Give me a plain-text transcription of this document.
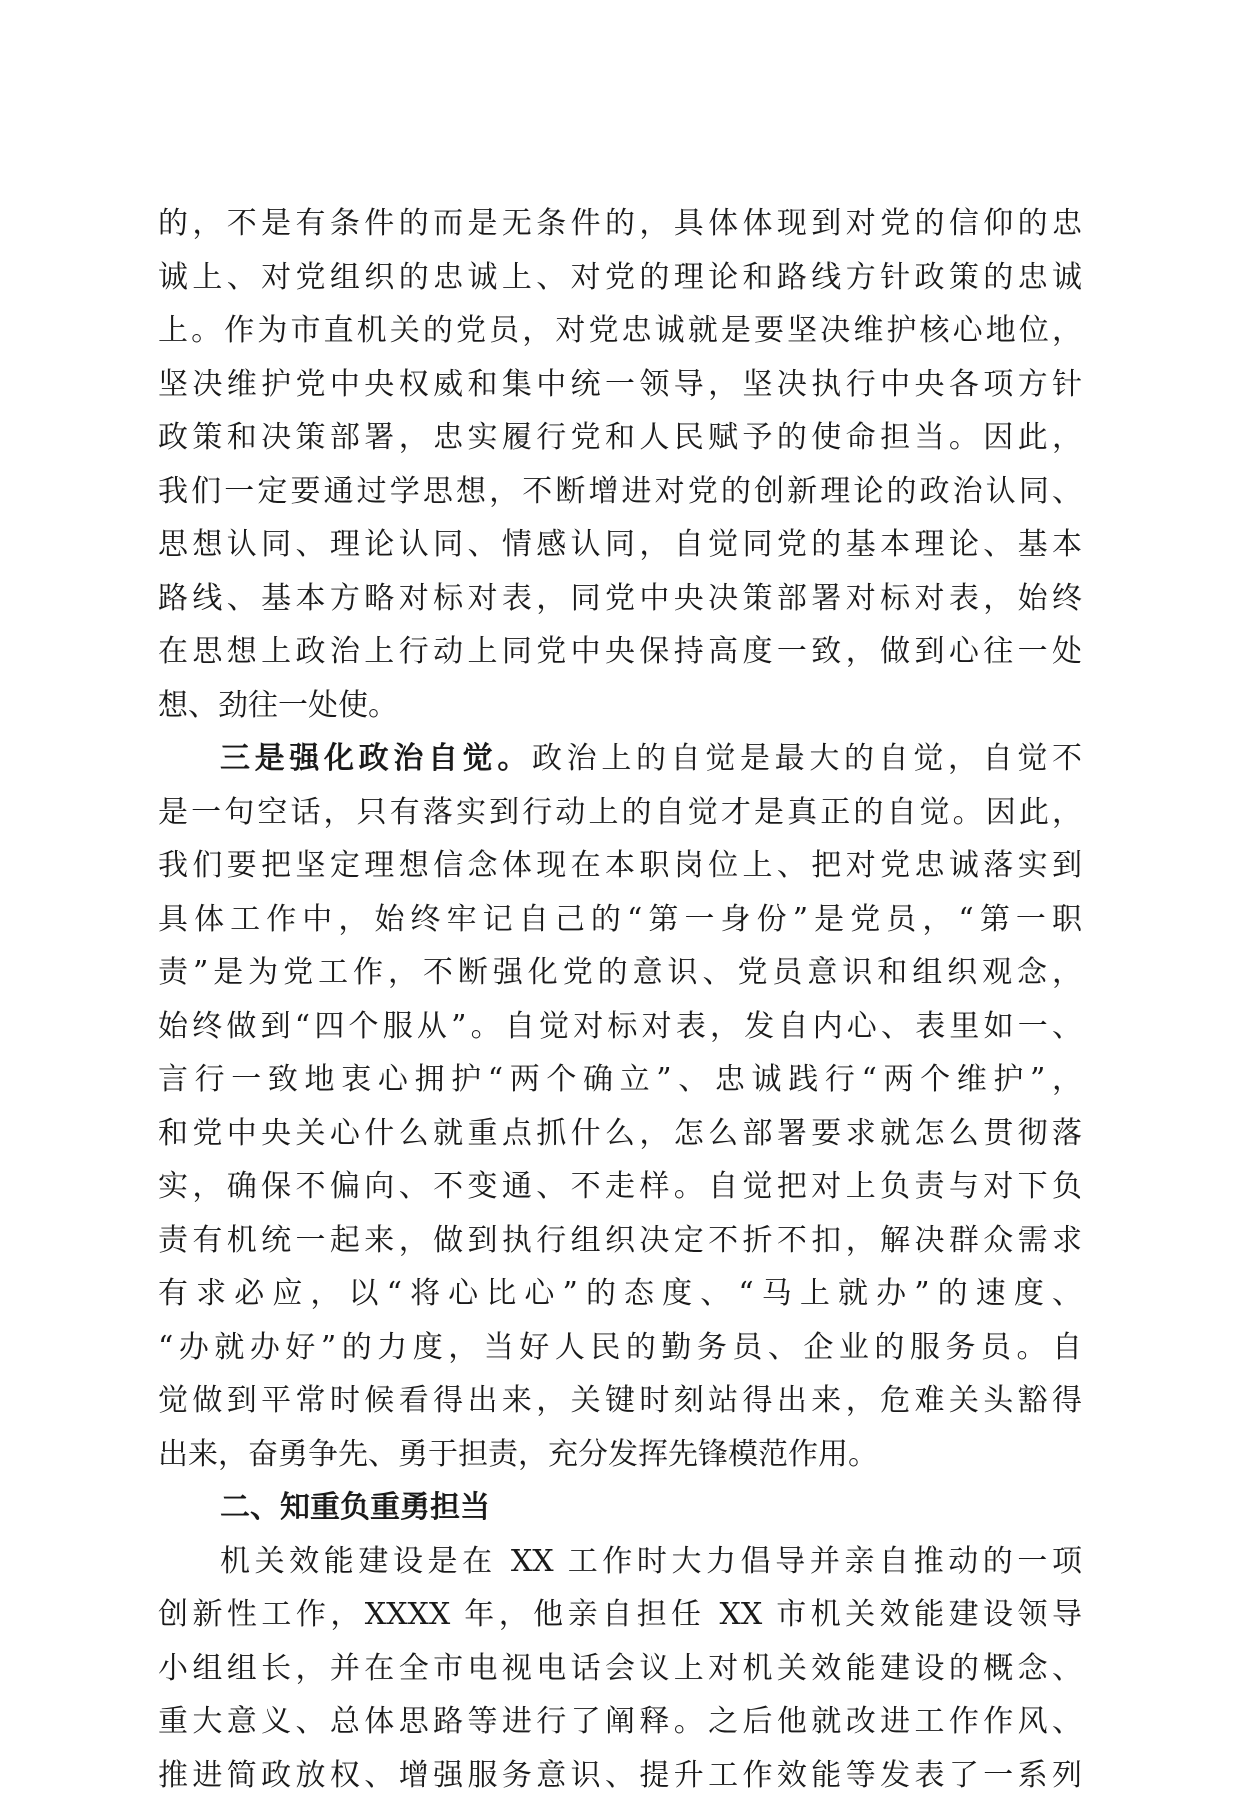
的，不是有条件的而是无条件的，具体体现到对党的信仰的忠
诚上、对党组织的忠诚上、对党的理论和路线方针政策的忠诚
上。作为市直机关的党员，对党忠诚就是要坚决维护核心地位，
坚决维护党中央权威和集中统一领导，坚决执行中央各项方针
政策和决策部署，忠实履行党和人民赋予的使命担当。因此，
我们一定要通过学思想，不断增进对党的创新理论的政治认同、
思想认同、理论认同、情感认同，自觉同党的基本理论、基本
路线、基本方略对标对表，同党中央决策部署对标对表，始终
在思想上政治上行动上同党中央保持高度一致，做到心往一处
想、劲往一处使。
三是强化政治自觉。政治上的自觉是最大的自觉，自觉不
是一句空话，只有落实到行动上的自觉才是真正的自觉。因此，
我们要把坚定理想信念体现在本职岗位上、把对党忠诚落实到
具体工作中，始终牢记自己的“第一身份”是党员，“第一职
责”是为党工作，不断强化党的意识、党员意识和组织观念，
始终做到“四个服从”。自觉对标对表，发自内心、表里如一、
言行一致地衷心拥护“两个确立”、忠诚践行“两个维护”，
和党中央关心什么就重点抓什么，怎么部署要求就怎么贯彻落
实，确保不偏向、不变通、不走样。自觉把对上负责与对下负
责有机统一起来，做到执行组织决定不折不扣，解决群众需求
有求必应，以“将心比心”的态度、“马上就办”的速度、
“办就办好”的力度，当好人民的勤务员、企业的服务员。自
觉做到平常时候看得出来，关键时刻站得出来，危难关头豁得
出来，奋勇争先、勇于担责，充分发挥先锋模范作用。
二、知重负重勇担当
机关效能建设是在 XX 工作时大力倡导并亲自推动的一项
创新性工作，XXXX 年，他亲自担任 XX 市机关效能建设领导
小组组长，并在全市电视电话会议上对机关效能建设的概念、
重大意义、总体思路等进行了阐释。之后他就改进工作作风、
推进简政放权、增强服务意识、提升工作效能等发表了一系列
